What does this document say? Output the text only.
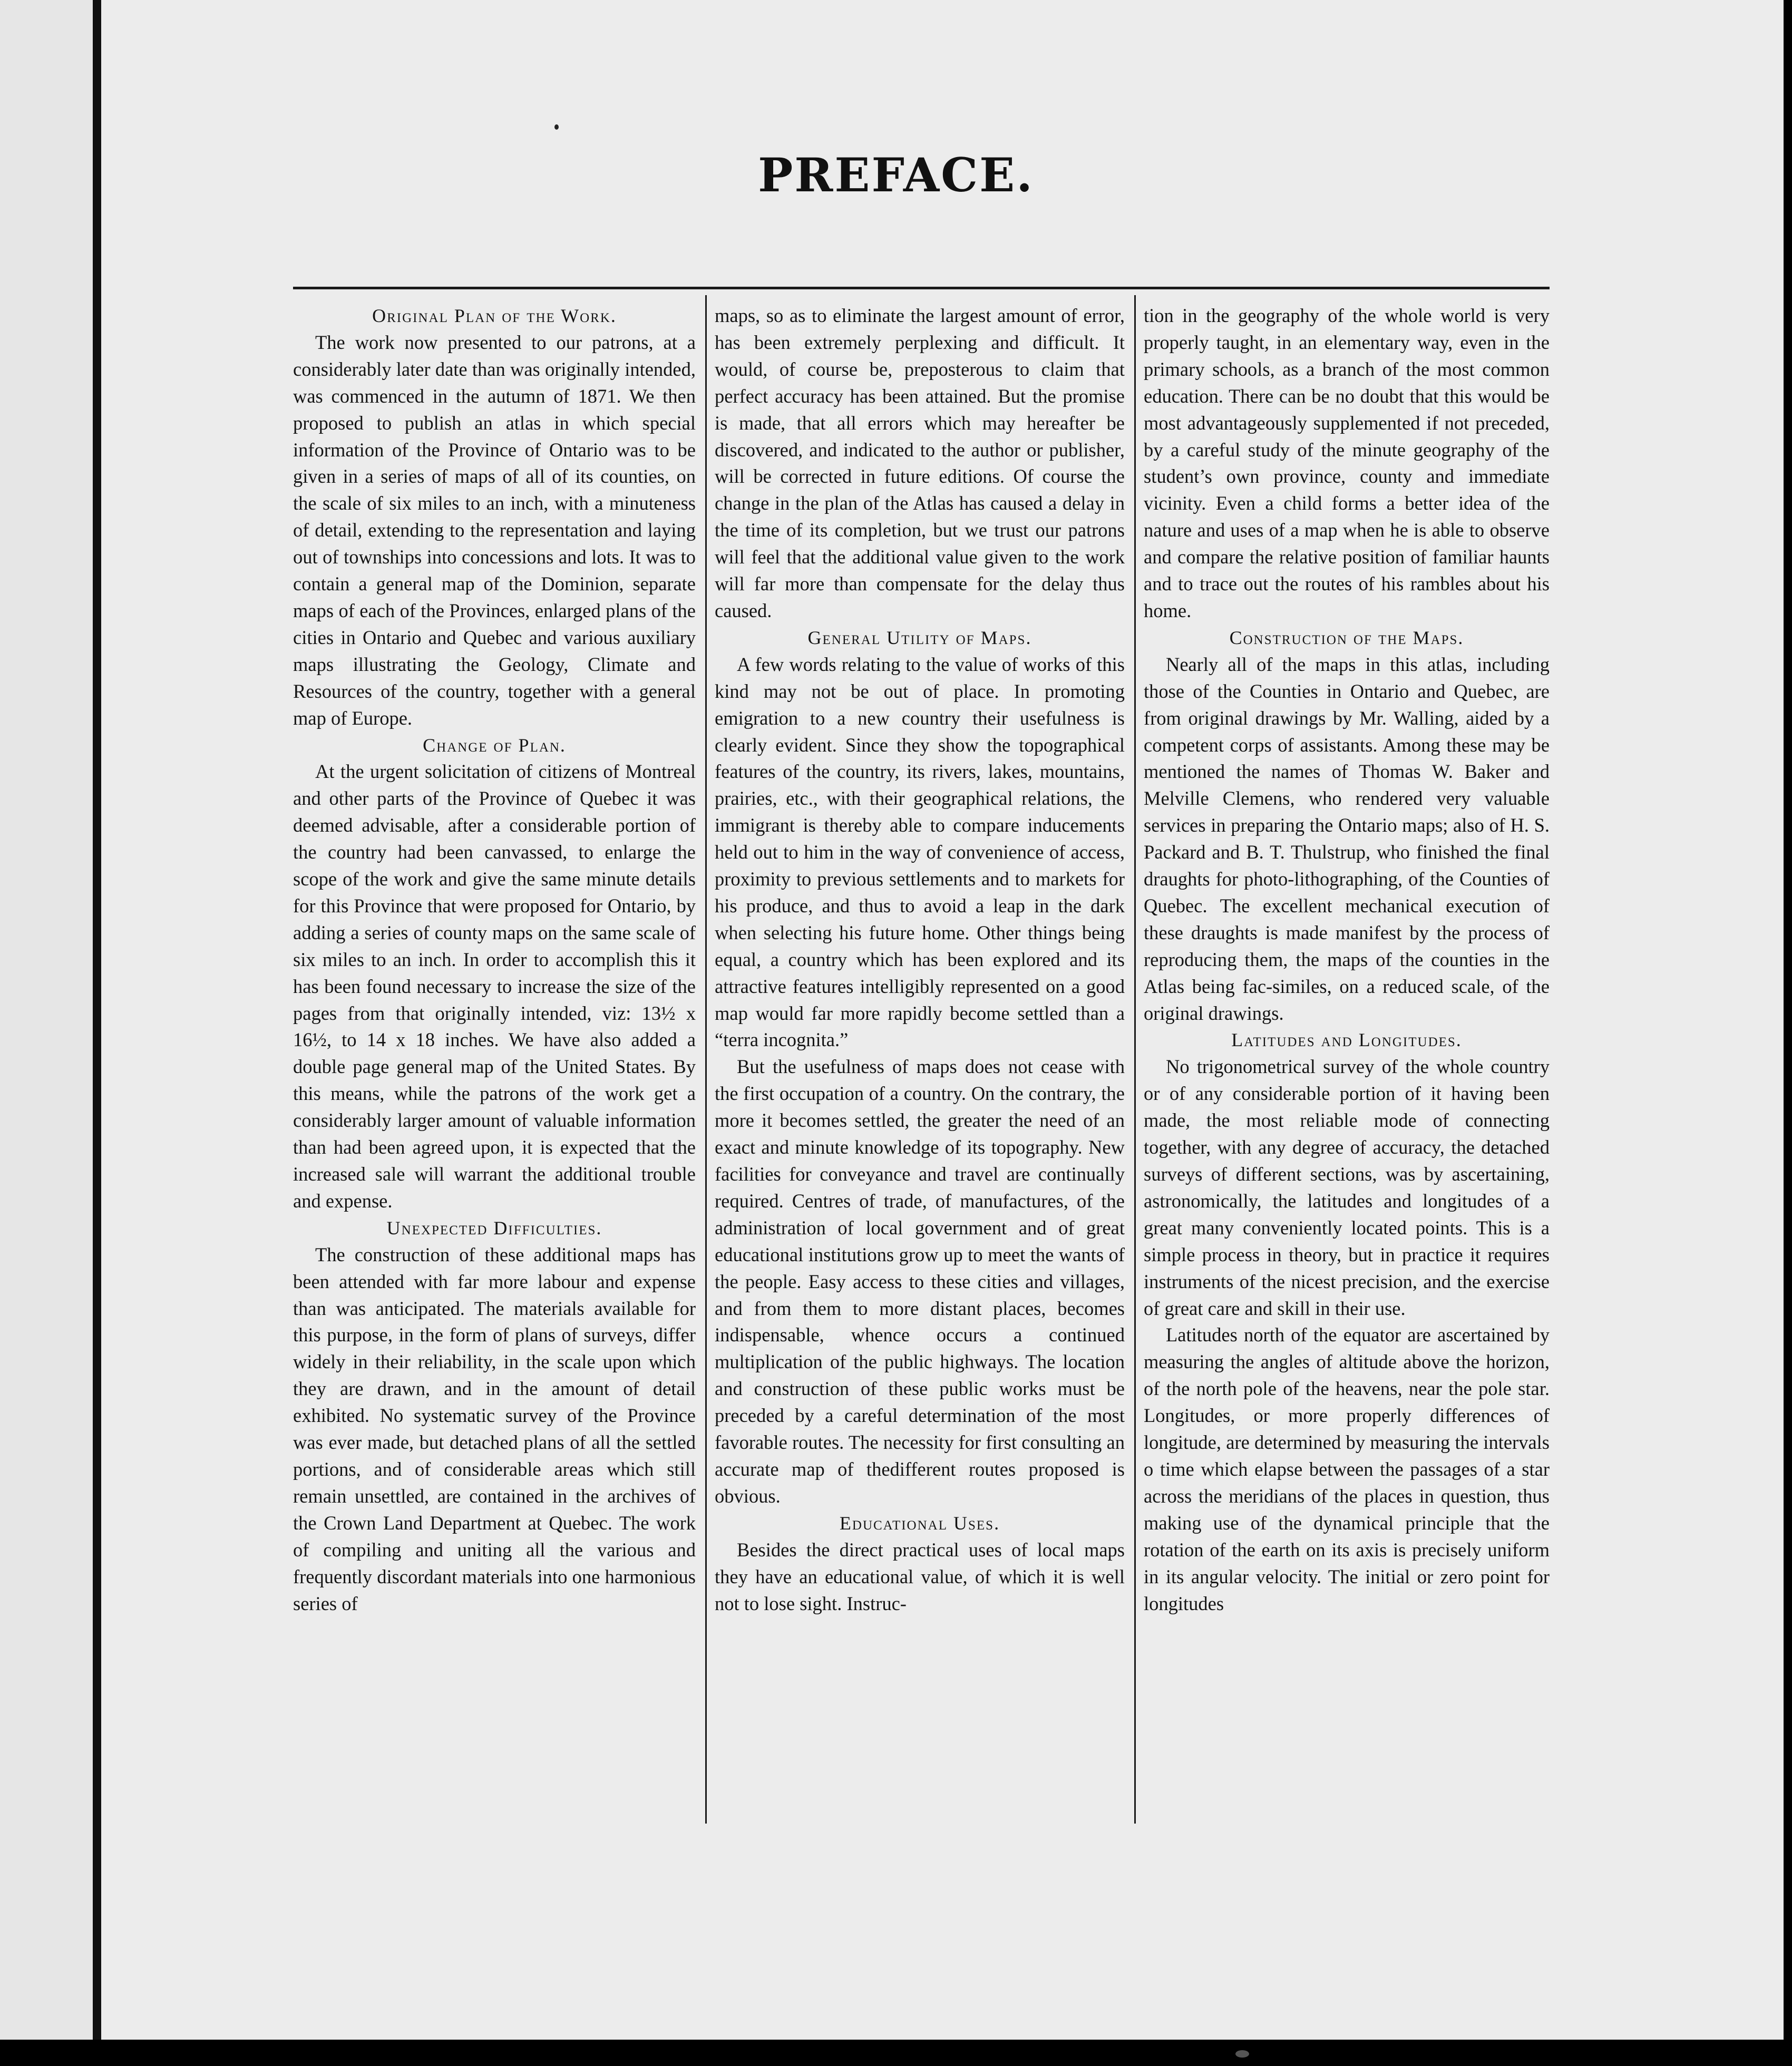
PREFACE.
Original Plan of the Work.

The work now presented to our patrons, at a considerably later date than was originally intended, was commenced in the autumn of 1871. We then proposed to publish an atlas in which special information of the Province of Ontario was to be given in a series of maps of all of its counties, on the scale of six miles to an inch, with a minuteness of detail, extending to the representation and laying out of townships into concessions and lots. It was to contain a general map of the Dominion, separate maps of each of the Provinces, enlarged plans of the cities in Ontario and Quebec and various auxiliary maps illustrating the Geology, Climate and Resources of the country, together with a general map of Europe.

Change of Plan.

At the urgent solicitation of citizens of Montreal and other parts of the Province of Quebec it was deemed advisable, after a considerable portion of the country had been canvassed, to enlarge the scope of the work and give the same minute details for this Province that were proposed for Ontario, by adding a series of county maps on the same scale of six miles to an inch. In order to accomplish this it has been found necessary to increase the size of the pages from that originally intended, viz: 13½ x 16½, to 14 x 18 inches. We have also added a double page general map of the United States. By this means, while the patrons of the work get a considerably larger amount of valuable information than had been agreed upon, it is expected that the increased sale will warrant the additional trouble and expense.

Unexpected Difficulties.

The construction of these additional maps has been attended with far more labour and expense than was anticipated. The materials available for this purpose, in the form of plans of surveys, differ widely in their reliability, in the scale upon which they are drawn, and in the amount of detail exhibited. No systematic survey of the Province was ever made, but detached plans of all the settled portions, and of considerable areas which still remain unsettled, are contained in the archives of the Crown Land Department at Quebec. The work of compiling and uniting all the various and frequently discordant materials into one harmonious series of

maps, so as to eliminate the largest amount of error, has been extremely perplexing and difficult. It would, of course be, preposterous to claim that perfect accuracy has been attained. But the promise is made, that all errors which may hereafter be discovered, and indicated to the author or publisher, will be corrected in future editions. Of course the change in the plan of the Atlas has caused a delay in the time of its completion, but we trust our patrons will feel that the additional value given to the work will far more than compensate for the delay thus caused.

General Utility of Maps.

A few words relating to the value of works of this kind may not be out of place. In promoting emigration to a new country their usefulness is clearly evident. Since they show the topographical features of the country, its rivers, lakes, mountains, prairies, etc., with their geographical relations, the immigrant is thereby able to compare inducements held out to him in the way of convenience of access, proximity to previous settlements and to markets for his produce, and thus to avoid a leap in the dark when selecting his future home. Other things being equal, a country which has been explored and its attractive features intelligibly represented on a good map would far more rapidly become settled than a “terra incognita.”

But the usefulness of maps does not cease with the first occupation of a country. On the contrary, the more it becomes settled, the greater the need of an exact and minute knowledge of its topography. New facilities for conveyance and travel are continually required. Centres of trade, of manufactures, of the administration of local government and of great educational institutions grow up to meet the wants of the people. Easy access to these cities and villages, and from them to more distant places, becomes indispensable, whence occurs a continued multiplication of the public highways. The location and construction of these public works must be preceded by a careful determination of the most favorable routes. The necessity for first consulting an accurate map of thedifferent routes proposed is obvious.

Educational Uses.

Besides the direct practical uses of local maps they have an educational value, of which it is well not to lose sight. Instruc-

tion in the geography of the whole world is very properly taught, in an elementary way, even in the primary schools, as a branch of the most common education. There can be no doubt that this would be most advantageously supplemented if not preceded, by a careful study of the minute geography of the student’s own province, county and immediate vicinity. Even a child forms a better idea of the nature and uses of a map when he is able to observe and compare the relative position of familiar haunts and to trace out the routes of his rambles about his home.

Construction of the Maps.

Nearly all of the maps in this atlas, including those of the Counties in Ontario and Quebec, are from original drawings by Mr. Walling, aided by a competent corps of assistants. Among these may be mentioned the names of Thomas W. Baker and Melville Clemens, who rendered very valuable services in preparing the Ontario maps; also of H. S. Packard and B. T. Thulstrup, who finished the final draughts for photo-lithographing, of the Counties of Quebec. The excellent mechanical execution of these draughts is made manifest by the process of reproducing them, the maps of the counties in the Atlas being fac-similes, on a reduced scale, of the original drawings.

Latitudes and Longitudes.

No trigonometrical survey of the whole country or of any considerable portion of it having been made, the most reliable mode of connecting together, with any degree of accuracy, the detached surveys of different sections, was by ascertaining, astronomically, the latitudes and longitudes of a great many conveniently located points. This is a simple process in theory, but in practice it requires instruments of the nicest precision, and the exercise of great care and skill in their use.

Latitudes north of the equator are ascertained by measuring the angles of altitude above the horizon, of the north pole of the heavens, near the pole star. Longitudes, or more properly differences of longitude, are determined by measuring the intervals o time which elapse between the passages of a star across the meridians of the places in question, thus making use of the dynamical principle that the rotation of the earth on its axis is precisely uniform in its angular velocity. The initial or zero point for longitudes
